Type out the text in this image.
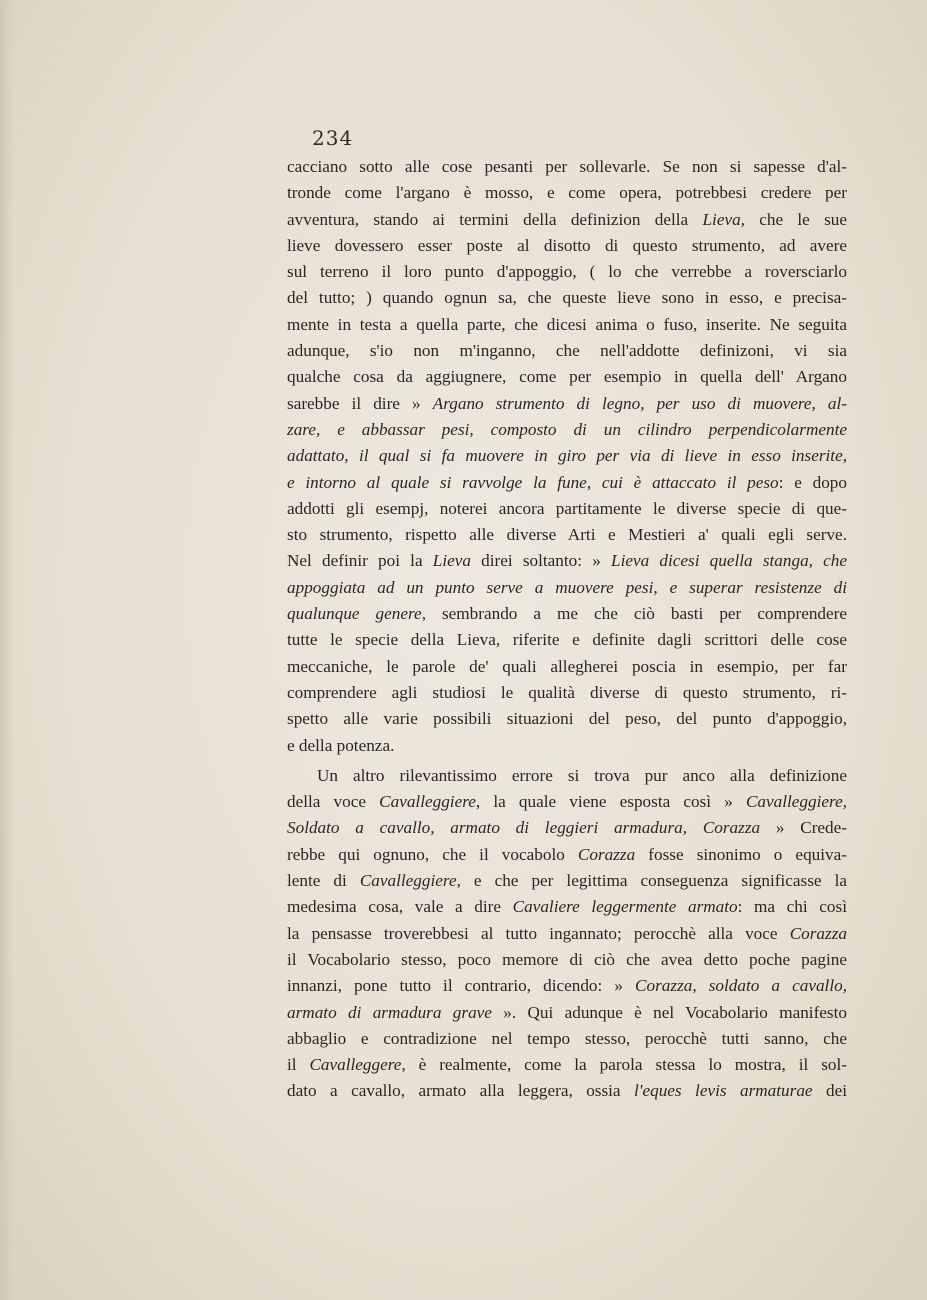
234
cacciano sotto alle cose pesanti per sollevarle. Se non si sapesse d'al-
tronde come l'argano è mosso, e come opera, potrebbesi credere per
avventura, stando ai termini della definizion della Lieva, che le sue
lieve dovessero esser poste al disotto di questo strumento, ad avere
sul terreno il loro punto d'appoggio, ( lo che verrebbe a roversciarlo
del tutto; ) quando ognun sa, che queste lieve sono in esso, e precisa-
mente in testa a quella parte, che dicesi anima o fuso, inserite. Ne seguita
adunque, s'io non m'inganno, che nell'addotte definizoni, vi sia
qualche cosa da aggiugnere, come per esempio in quella dell' Argano
sarebbe il dire » Argano strumento di legno, per uso di muovere, al-
zare, e abbassar pesi, composto di un cilindro perpendicolarmente
adattato, il qual si fa muovere in giro per via di lieve in esso inserite,
e intorno al quale si ravvolge la fune, cui è attaccato il peso: e dopo
addotti gli esempj, noterei ancora partitamente le diverse specie di que-
sto strumento, rispetto alle diverse Arti e Mestieri a' quali egli serve.
Nel definir poi la Lieva direi soltanto: » Lieva dicesi quella stanga, che
appoggiata ad un punto serve a muovere pesi, e superar resistenze di
qualunque genere, sembrando a me che ciò basti per comprendere
tutte le specie della Lieva, riferite e definite dagli scrittori delle cose
meccaniche, le parole de' quali allegherei poscia in esempio, per far
comprendere agli studiosi le qualità diverse di questo strumento, ri-
spetto alle varie possibili situazioni del peso, del punto d'appoggio,
e della potenza.
Un altro rilevantissimo errore si trova pur anco alla definizione
della voce Cavalleggiere, la quale viene esposta così » Cavalleggiere,
Soldato a cavallo, armato di leggieri armadura, Corazza » Crede-
rebbe qui ognuno, che il vocabolo Corazza fosse sinonimo o equiva-
lente di Cavalleggiere, e che per legittima conseguenza significasse la
medesima cosa, vale a dire Cavaliere leggermente armato: ma chi così
la pensasse troverebbesi al tutto ingannato; perocchè alla voce Corazza
il Vocabolario stesso, poco memore di ciò che avea detto poche pagine
innanzi, pone tutto il contrario, dicendo: » Corazza, soldato a cavallo,
armato di armadura grave ». Qui adunque è nel Vocabolario manifesto
abbaglio e contradizione nel tempo stesso, perocchè tutti sanno, che
il Cavalleggere, è realmente, come la parola stessa lo mostra, il sol-
dato a cavallo, armato alla leggera, ossia l'eques levis armaturae dei
